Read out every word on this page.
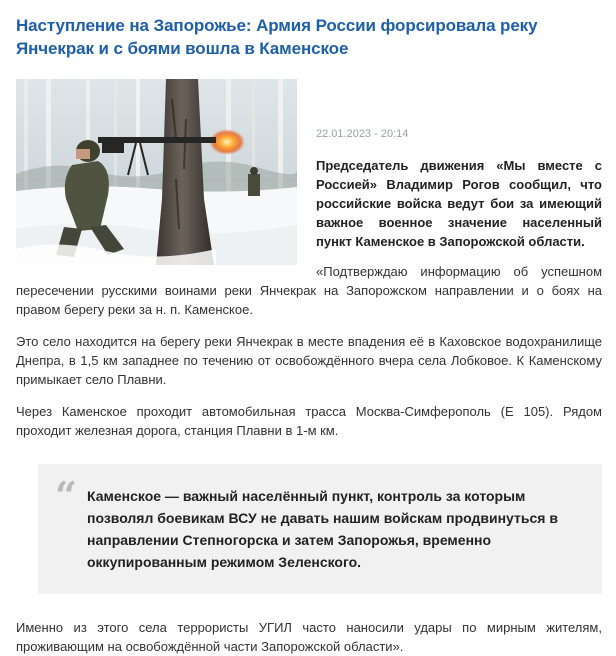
Наступление на Запорожье: Армия России форсировала реку Янчекрак и с боями вошла в Каменское
22.01.2023 - 20:14

Председатель движения «Мы вместе с Россией» Владимир Рогов сообщил, что российские войска ведут бои за имеющий важное военное значение населенный пункт Каменское в Запорожской области.

«Подтверждаю информацию об успешном пересечении русскими воинами реки Янчекрак на Запорожском направлении и о боях на правом берегу реки за н. п. Каменское.

Это село находится на берегу реки Янчекрак в месте впадения её в Каховское водохранилище Днепра, в 1,5 км западнее по течению от освобождённого вчера села Лобковое. К Каменскому примыкает село Плавни.

Через Каменское проходит автомобильная трасса Москва-Симферополь (Е 105). Рядом проходит железная дорога, станция Плавни в 1-м км.

“ Каменское — важный населённый пункт, контроль за которым позволял боевикам ВСУ не давать нашим войскам продвинуться в направлении Степногорска и затем Запорожья, временно оккупированным режимом Зеленского.

Именно из этого села террористы УГИЛ часто наносили удары по мирным жителям, проживающим на освобождённой части Запорожской области».
